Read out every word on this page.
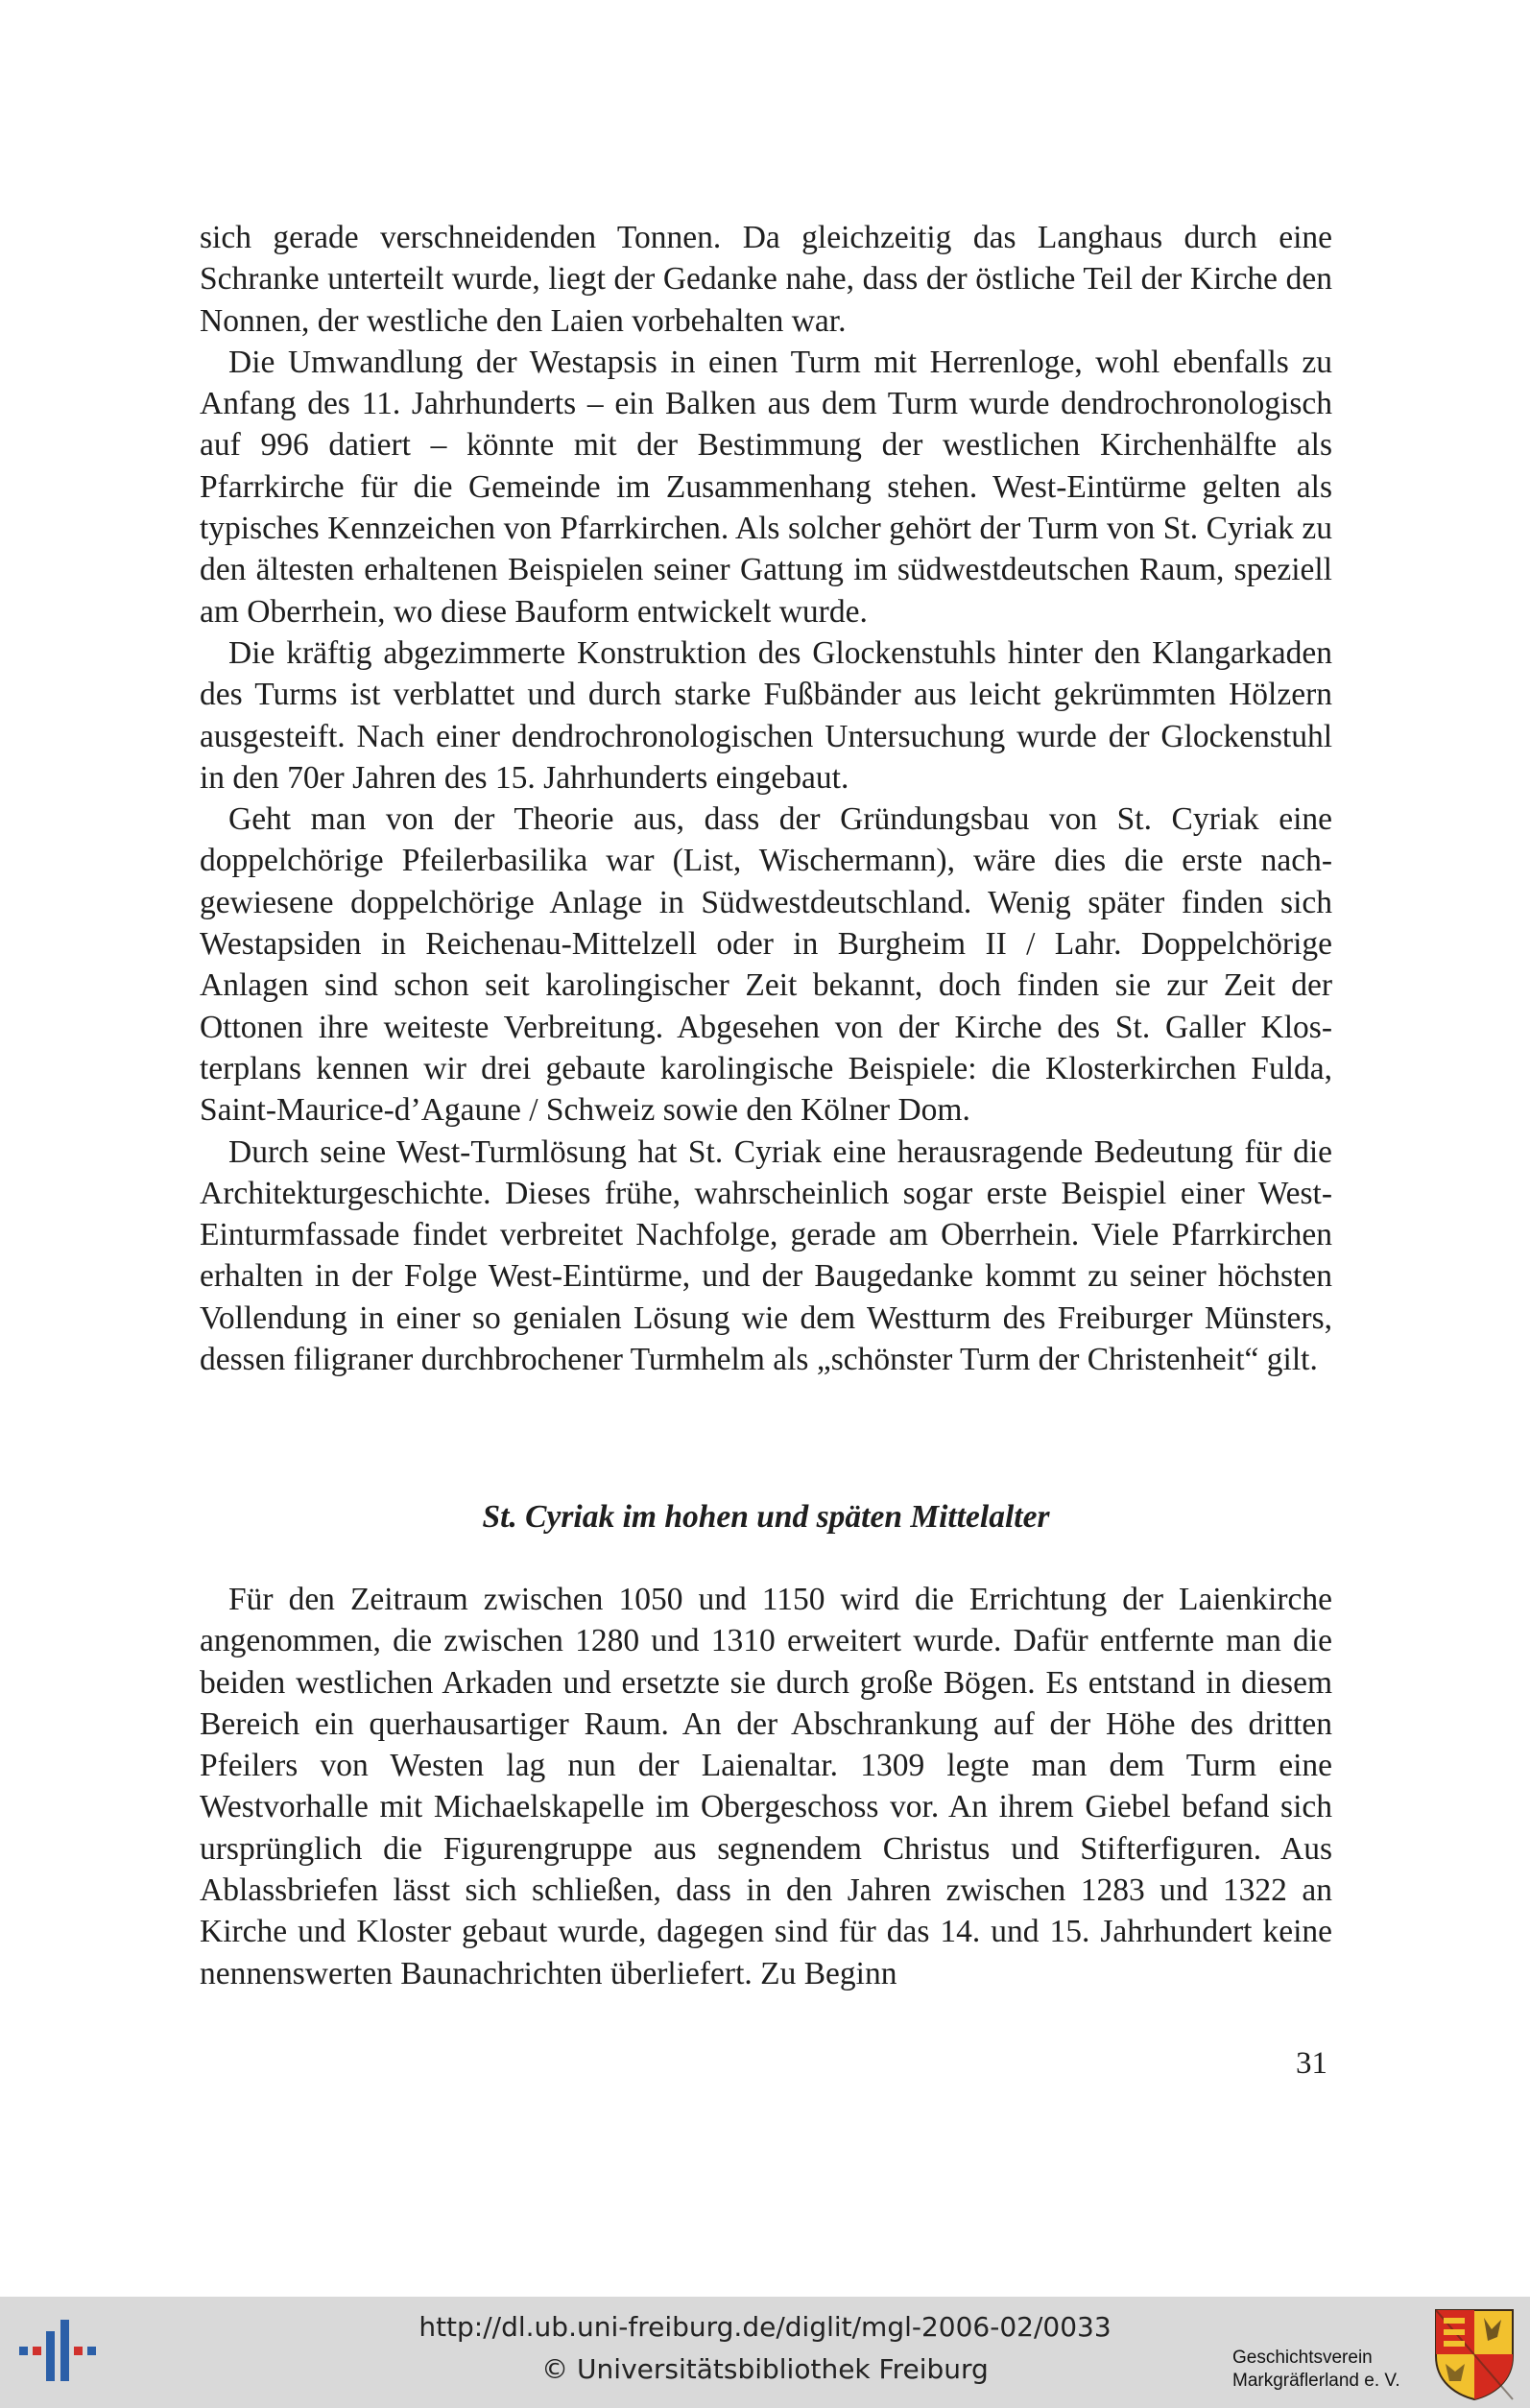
sich gerade verschneidenden Tonnen. Da gleichzeitig das Langhaus durch eine Schranke unterteilt wurde, liegt der Gedanke nahe, dass der östliche Teil der Kirche den Nonnen, der westliche den Laien vorbehalten war.

Die Umwandlung der Westapsis in einen Turm mit Herrenloge, wohl ebenfalls zu Anfang des 11. Jahrhunderts – ein Balken aus dem Turm wurde dendrochronologisch auf 996 datiert – könnte mit der Bestimmung der westlichen Kirchenhälfte als Pfarrkirche für die Gemeinde im Zusammenhang stehen. West-Eintürme gelten als typisches Kennzeichen von Pfarrkirchen. Als solcher gehört der Turm von St. Cyriak zu den ältesten erhaltenen Beispielen seiner Gattung im südwestdeutschen Raum, speziell am Oberrhein, wo diese Bauform entwickelt wurde.

Die kräftig abgezimmerte Konstruktion des Glockenstuhls hinter den Klangarkaden des Turms ist verblattet und durch starke Fußbänder aus leicht gekrümmten Hölzern ausgesteift. Nach einer dendrochronologischen Untersuchung wurde der Glockenstuhl in den 70er Jahren des 15. Jahrhunderts eingebaut.

Geht man von der Theorie aus, dass der Gründungsbau von St. Cyriak eine doppelchörige Pfeilerbasilika war (List, Wischermann), wäre dies die erste nachgewiesene doppelchörige Anlage in Südwestdeutschland. Wenig später finden sich Westapsiden in Reichenau-Mittelzell oder in Burgheim II / Lahr. Doppelchörige Anlagen sind schon seit karolingischer Zeit bekannt, doch finden sie zur Zeit der Ottonen ihre weiteste Verbreitung. Abgesehen von der Kirche des St. Galler Klosterplans kennen wir drei gebaute karolingische Beispiele: die Klosterkirchen Fulda, Saint-Maurice-d’Agaune / Schweiz sowie den Kölner Dom.

Durch seine West-Turmlösung hat St. Cyriak eine herausragende Bedeutung für die Architekturgeschichte. Dieses frühe, wahrscheinlich sogar erste Beispiel einer West-Einturmfassade findet verbreitet Nachfolge, gerade am Oberrhein. Viele Pfarrkirchen erhalten in der Folge West-Eintürme, und der Baugedanke kommt zu seiner höchsten Vollendung in einer so genialen Lösung wie dem Westturm des Freiburger Münsters, dessen filigraner durchbrochener Turmhelm als „schönster Turm der Christenheit“ gilt.

St. Cyriak im hohen und späten Mittelalter

Für den Zeitraum zwischen 1050 und 1150 wird die Errichtung der Laienkirche angenommen, die zwischen 1280 und 1310 erweitert wurde. Dafür entfernte man die beiden westlichen Arkaden und ersetzte sie durch große Bögen. Es entstand in diesem Bereich ein querhausartiger Raum. An der Abschrankung auf der Höhe des dritten Pfeilers von Westen lag nun der Laienaltar. 1309 legte man dem Turm eine Westvorhalle mit Michaelskapelle im Obergeschoss vor. An ihrem Giebel befand sich ursprünglich die Figurengruppe aus segnendem Christus und Stifterfiguren. Aus Ablassbriefen lässt sich schließen, dass in den Jahren zwischen 1283 und 1322 an Kirche und Kloster gebaut wurde, dagegen sind für das 14. und 15. Jahrhundert keine nennenswerten Baunachrichten überliefert. Zu Beginn

31
http://dl.ub.uni-freiburg.de/diglit/mgl-2006-02/0033
© Universitätsbibliothek Freiburg	Geschichtsverein
Markgräflerland e. V.
